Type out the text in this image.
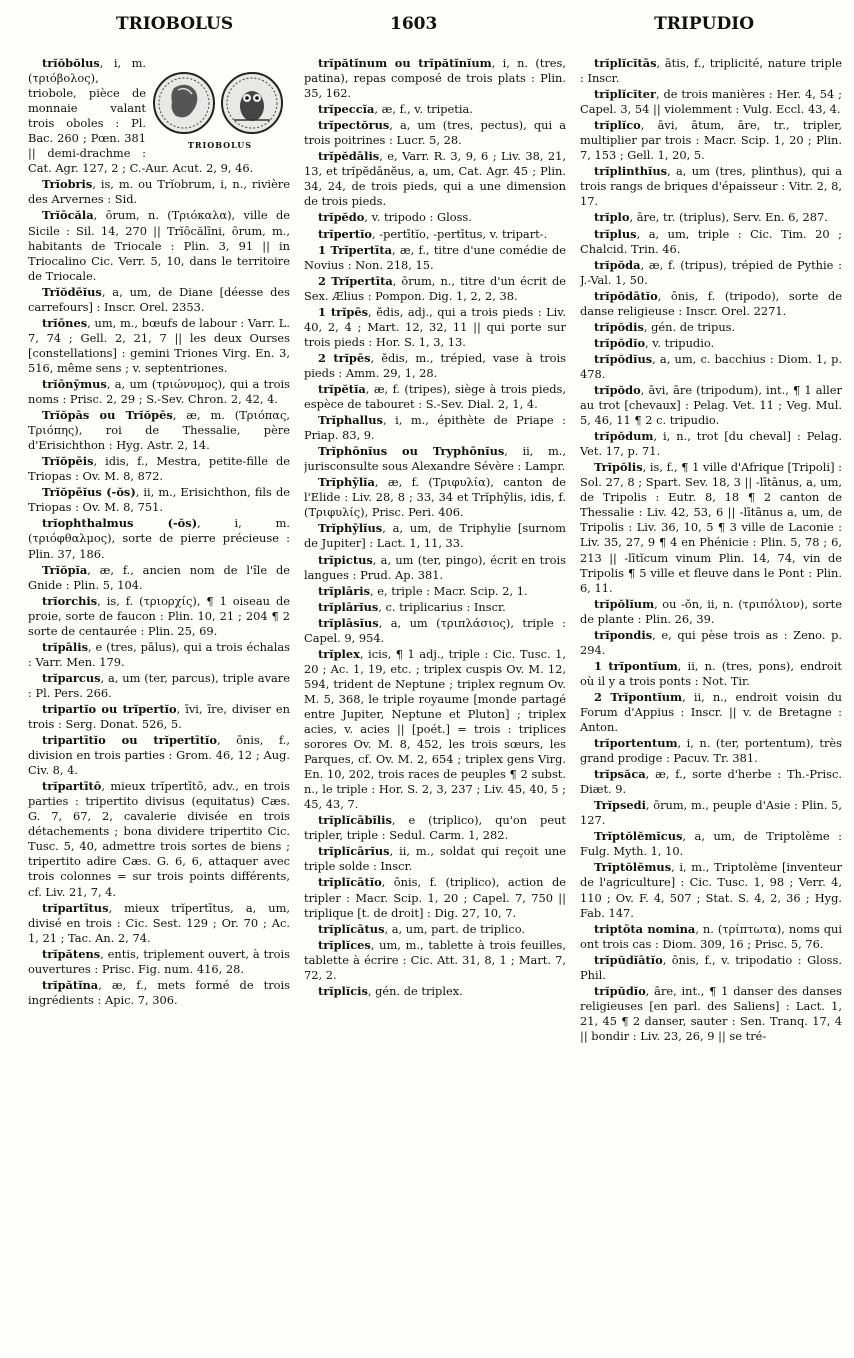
TRIOBOLUS	1603	TRIPUDIO
TRIOBOLUS

trĭŏbŏlus, i, m. (τριόβολος), triobole, pièce de monnaie valant trois oboles : Pl. Bac. 260 ; Pœn. 381 || demi-drachme : Cat. Agr. 127, 2 ; C.-Aur. Acut. 2, 9, 46.

Trĭobris, is, m. ou Trĭobrum, i, n., rivière des Arvernes : Sid.

Trĭōcăla, ōrum, n. (Τριόκαλα), ville de Sicile : Sil. 14, 270 || Trĭōcălīni, ōrum, m., habitants de Triocale : Plin. 3, 91 || in Triocalino Cic. Verr. 5, 10, dans le territoire de Triocale.

Trĭŏdēĭus, a, um, de Diane [déesse des carrefours] : Inscr. Orel. 2353.

trĭōnes, um, m., bœufs de labour : Varr. L. 7, 74 ; Gell. 2, 21, 7 || les deux Ourses [constellations] : gemini Triones Virg. En. 3, 516, même sens ; v. septentriones.

trĭōnȳmus, a, um (τριώνυμος), qui a trois noms : Prisc. 2, 29 ; S.-Sev. Chron. 2, 42, 4.

Trĭŏpās ou Trĭŏpēs, æ, m. (Τριόπας, Τριόπης), roi de Thessalie, père d'Erisichthon : Hyg. Astr. 2, 14.

Trĭŏpēis, idis, f., Mestra, petite-fille de Triopas : Ov. M. 8, 872.

Trĭŏpēĭus (-ŏs), ii, m., Erisichthon, fils de Triopas : Ov. M. 8, 751.

trĭophthalmus (-ŏs), i, m. (τριόφθαλμος), sorte de pierre précieuse : Plin. 37, 186.

Trĭŏpĭa, æ, f., ancien nom de l'île de Gnide : Plin. 5, 104.

trĭorchis, is, f. (τριορχίς), ¶ 1 oiseau de proie, sorte de faucon : Plin. 10, 21 ; 204 ¶ 2 sorte de centaurée : Plin. 25, 69.

trĭpālis, e (tres, pālus), qui a trois échalas : Varr. Men. 179.

trĭparcus, a, um (ter, parcus), triple avare : Pl. Pers. 266.

tripartĭo ou trĭpertĭo, īvi, īre, diviser en trois : Serg. Donat. 526, 5.

tripartītĭo ou trĭpertītĭo, ōnis, f., division en trois parties : Grom. 46, 12 ; Aug. Civ. 8, 4.

trĭpartītō, mieux trĭpertītō, adv., en trois parties : tripertito divisus (equitatus) Cæs. G. 7, 67, 2, cavalerie divisée en trois détachements ; bona dividere tripertito Cic. Tusc. 5, 40, admettre trois sortes de biens ; tripertito adire Cæs. G. 6, 6, attaquer avec trois colonnes = sur trois points différents, cf. Liv. 21, 7, 4.

trĭpartītus, mieux trĭpertītus, a, um, divisé en trois : Cic. Sest. 129 ; Or. 70 ; Ac. 1, 21 ; Tac. An. 2, 74.

trĭpătens, entis, triplement ouvert, à trois ouvertures : Prisc. Fig. num. 416, 28.

trĭpătĭna, æ, f., mets formé de trois ingrédients : Apic. 7, 306.

trĭpătĭnum ou trĭpătĭnĭum, i, n. (tres, patina), repas composé de trois plats : Plin. 35, 162.

trĭpeccĭa, æ, f., v. tripetia.

trĭpectŏrus, a, um (tres, pectus), qui a trois poitrines : Lucr. 5, 28.

trĭpĕdālis, e, Varr. R. 3, 9, 6 ; Liv. 38, 21, 13, et trĭpĕdānĕus, a, um, Cat. Agr. 45 ; Plin. 34, 24, de trois pieds, qui a une dimension de trois pieds.

trĭpĕdo, v. tripodo : Gloss.

trĭpertĭo, -pertītĭo, -pertītus, v. tripart-.

1 Trĭpertīta, æ, f., titre d'une comédie de Novius : Non. 218, 15.

2 Trĭpertīta, ōrum, n., titre d'un écrit de Sex. Ælius : Pompon. Dig. 1, 2, 2, 38.

1 trĭpēs, ĕdis, adj., qui a trois pieds : Liv. 40, 2, 4 ; Mart. 12, 32, 11 || qui porte sur trois pieds : Hor. S. 1, 3, 13.

2 trĭpēs, ĕdis, m., trépied, vase à trois pieds : Amm. 29, 1, 28.

trĭpĕtĭa, æ, f. (tripes), siège à trois pieds, espèce de tabouret : S.-Sev. Dial. 2, 1, 4.

Trĭphallus, i, m., épithète de Priape : Priap. 83, 9.

Trĭphōnĭus ou Tryphōnĭus, ii, m., jurisconsulte sous Alexandre Sévère : Lampr.

Trĭphȳlĭa, æ, f. (Τριφυλία), canton de l'Elide : Liv. 28, 8 ; 33, 34 et Trĭphȳlis, idis, f. (Τριφυλίς), Prisc. Peri. 406.

Trĭphȳlĭus, a, um, de Triphylie [surnom de Jupiter] : Lact. 1, 11, 33.

trĭpictus, a, um (ter, pingo), écrit en trois langues : Prud. Ap. 381.

trĭplāris, e, triple : Macr. Scip. 2, 1.

trĭplārĭus, c. triplicarius : Inscr.

trĭplāsĭus, a, um (τριπλάσιος), triple : Capel. 9, 954.

trĭplex, icis, ¶ 1 adj., triple : Cic. Tusc. 1, 20 ; Ac. 1, 19, etc. ; triplex cuspis Ov. M. 12, 594, trident de Neptune ; triplex regnum Ov. M. 5, 368, le triple royaume [monde partagé entre Jupiter, Neptune et Pluton] ; triplex acies, v. acies || [poét.] = trois : triplices sorores Ov. M. 8, 452, les trois sœurs, les Parques, cf. Ov. M. 2, 654 ; triplex gens Virg. En. 10, 202, trois races de peuples ¶ 2 subst. n., le triple : Hor. S. 2, 3, 237 ; Liv. 45, 40, 5 ; 45, 43, 7.

trĭplĭcābĭlis, e (triplico), qu'on peut tripler, triple : Sedul. Carm. 1, 282.

trĭplĭcārĭus, ii, m., soldat qui reçoit une triple solde : Inscr.

trĭplĭcātĭo, ōnis, f. (triplico), action de tripler : Macr. Scip. 1, 20 ; Capel. 7, 750 || triplique [t. de droit] : Dig. 27, 10, 7.

trĭplĭcātus, a, um, part. de triplico.

trĭplĭces, um, m., tablette à trois feuilles, tablette à écrire : Cic. Att. 31, 8, 1 ; Mart. 7, 72, 2.

trĭplĭcis, gén. de triplex.

trĭplĭcĭtās, ātis, f., triplicité, nature triple : Inscr.

trĭplĭcĭter, de trois manières : Her. 4, 54 ; Capel. 3, 54 || violemment : Vulg. Eccl. 43, 4.

trĭplĭco, āvi, ātum, āre, tr., tripler, multiplier par trois : Macr. Scip. 1, 20 ; Plin. 7, 153 ; Gell. 1, 20, 5.

trĭplinthĭus, a, um (tres, plinthus), qui a trois rangs de briques d'épaisseur : Vitr. 2, 8, 17.

trĭplo, āre, tr. (triplus), Serv. En. 6, 287.

trĭplus, a, um, triple : Cic. Tim. 20 ; Chalcid. Trin. 46.

trĭpŏda, æ, f. (tripus), trépied de Pythie : J.-Val. 1, 50.

trĭpŏdātĭo, ōnis, f. (tripodo), sorte de danse religieuse : Inscr. Orel. 2271.

trĭpŏdis, gén. de tripus.

trĭpŏdĭo, v. tripudio.

trĭpŏdĭus, a, um, c. bacchius : Diom. 1, p. 478.

trĭpŏdo, āvi, āre (tripodum), int., ¶ 1 aller au trot [chevaux] : Pelag. Vet. 11 ; Veg. Mul. 5, 46, 11 ¶ 2 c. tripudio.

trĭpŏdum, i, n., trot [du cheval] : Pelag. Vet. 17, p. 71.

Trĭpŏlis, is, f., ¶ 1 ville d'Afrique [Tripoli] : Sol. 27, 8 ; Spart. Sev. 18, 3 || -lītānus, a, um, de Tripolis : Eutr. 8, 18 ¶ 2 canton de Thessalie : Liv. 42, 53, 6 || -lītānus a, um, de Tripolis : Liv. 36, 10, 5 ¶ 3 ville de Laconie : Liv. 35, 27, 9 ¶ 4 en Phénicie : Plin. 5, 78 ; 6, 213 || -lītĭcum vinum Plin. 14, 74, vin de Tripolis ¶ 5 ville et fleuve dans le Pont : Plin. 6, 11.

trĭpŏlĭum, ou -ŏn, ii, n. (τριπόλιον), sorte de plante : Plin. 26, 39.

trĭpondis, e, qui pèse trois as : Zeno. p. 294.

1 trĭpontĭum, ii, n. (tres, pons), endroit où il y a trois ponts : Not. Tir.

2 Trĭpontĭum, ii, n., endroit voisin du Forum d'Appius : Inscr. || v. de Bretagne : Anton.

trĭportentum, i, n. (ter, portentum), très grand prodige : Pacuv. Tr. 381.

trĭpsăca, æ, f., sorte d'herbe : Th.-Prisc. Diæt. 9.

Trĭpsedi, ōrum, m., peuple d'Asie : Plin. 5, 127.

Trĭptŏlĕmĭcus, a, um, de Triptolème : Fulg. Myth. 1, 10.

Trĭptŏlĕmus, i, m., Triptolème [inventeur de l'agriculture] : Cic. Tusc. 1, 98 ; Verr. 4, 110 ; Ov. F. 4, 507 ; Stat. S. 4, 2, 36 ; Hyg. Fab. 147.

triptōta nomina, n. (τρίπτωτα), noms qui ont trois cas : Diom. 309, 16 ; Prisc. 5, 76.

trĭpŭdĭātĭo, ōnis, f., v. tripodatio : Gloss. Phil.

trĭpŭdĭo, āre, int., ¶ 1 danser des danses religieuses [en parl. des Saliens] : Lact. 1, 21, 45 ¶ 2 danser, sauter : Sen. Tranq. 17, 4 || bondir : Liv. 23, 26, 9 || se tré-
